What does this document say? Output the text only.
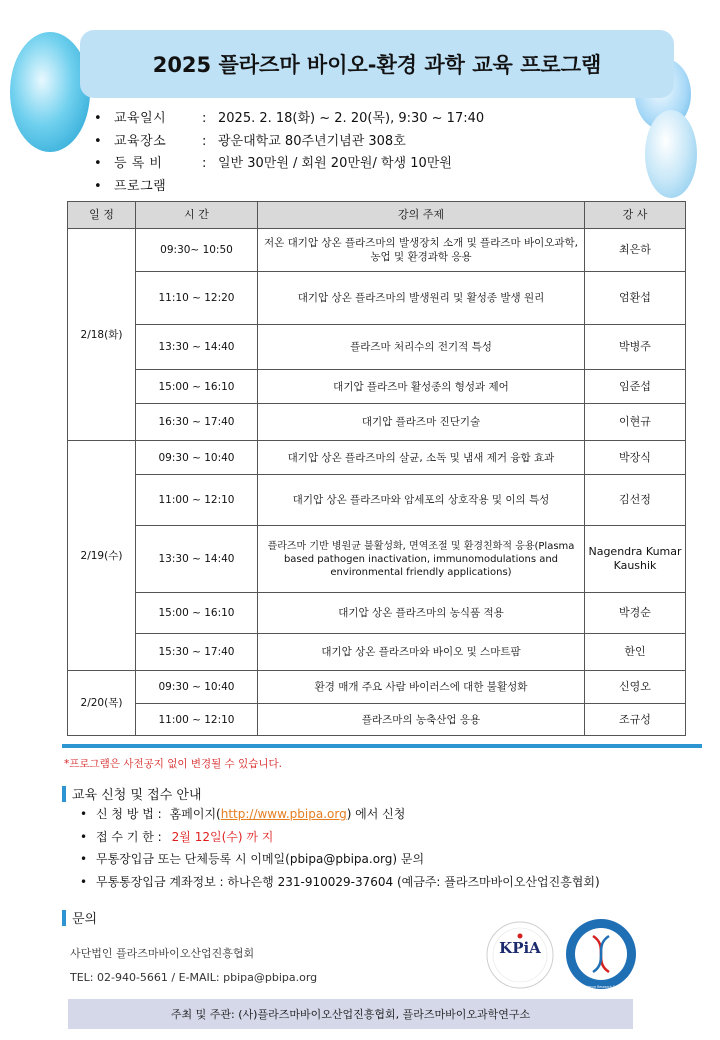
2025 플라즈마 바이오-환경 과학 교육 프로그램
• 교육일시	: 2025. 2. 18(화) ~ 2. 20(목), 9:30 ~ 17:40
• 교육장소	: 광운대학교 80주년기념관 308호
• 등 록 비	: 일반 30만원 / 회원 20만원/ 학생 10만원
• 프로그램
일 정	시 간	강의 주제	강 사
2/18(화)	09:30~ 10:50	저온 대기압 상온 플라즈마의 발생장치 소개 및 플라즈마 바이오과학, 농업 및 환경과학 응용	최은하
	11:10 ~ 12:20	대기압 상온 플라즈마의 발생원리 및 활성종 발생 원리	엄환섭
	13:30 ~ 14:40	플라즈마 처리수의 전기적 특성	박병주
	15:00 ~ 16:10	대기압 플라즈마 활성종의 형성과 제어	임준섭
	16:30 ~ 17:40	대기압 플라즈마 진단기술	이현규
2/19(수)	09:30 ~ 10:40	대기압 상온 플라즈마의 살균, 소독 및 냄새 제거 융합 효과	박장식
	11:00 ~ 12:10	대기압 상온 플라즈마와 암세포의 상호작용 및 이의 특성	김선정
	13:30 ~ 14:40	플라즈마 기반 병원균 불활성화, 면역조절 및 환경친화적 응용(Plasma based pathogen inactivation, immunomodulations and environmental friendly applications)	Nagendra Kumar Kaushik
	15:00 ~ 16:10	대기압 상온 플라즈마의 농식품 적용	박경순
	15:30 ~ 17:40	대기압 상온 플라즈마와 바이오 및 스마트팜	한인
2/20(목)	09:30 ~ 10:40	환경 매개 주요 사람 바이러스에 대한 불활성화	신영오
	11:00 ~ 12:10	플라즈마의 농축산업 응용	조규성
*프로그램은 사전공지 없이 변경될 수 있습니다.
교육 신청 및 접수 안내
• 신 청 방 법 : 홈페이지( http://www.pbipa.org ) 에서 신청
• 접 수 기 한 : 2월 12일(수) 까 지
• 무통장입금 또는 단체등록 시 이메일(pbipa@pbipa.org) 문의
• 무통통장입금 계좌정보 : 하나은행 231-910029-37604 (예금주: 플라즈마바이오산업진흥협회)
문의
사단법인 플라즈마바이오산업진흥협회
TEL: 02-940-5661 / E-MAIL: pbipa@pbipa.org
KPiA
Plasma Bioscience Research Center (PBRC)
주최 및 주관: (사)플라즈마바이오산업진흥협회, 플라즈마바이오과학연구소
